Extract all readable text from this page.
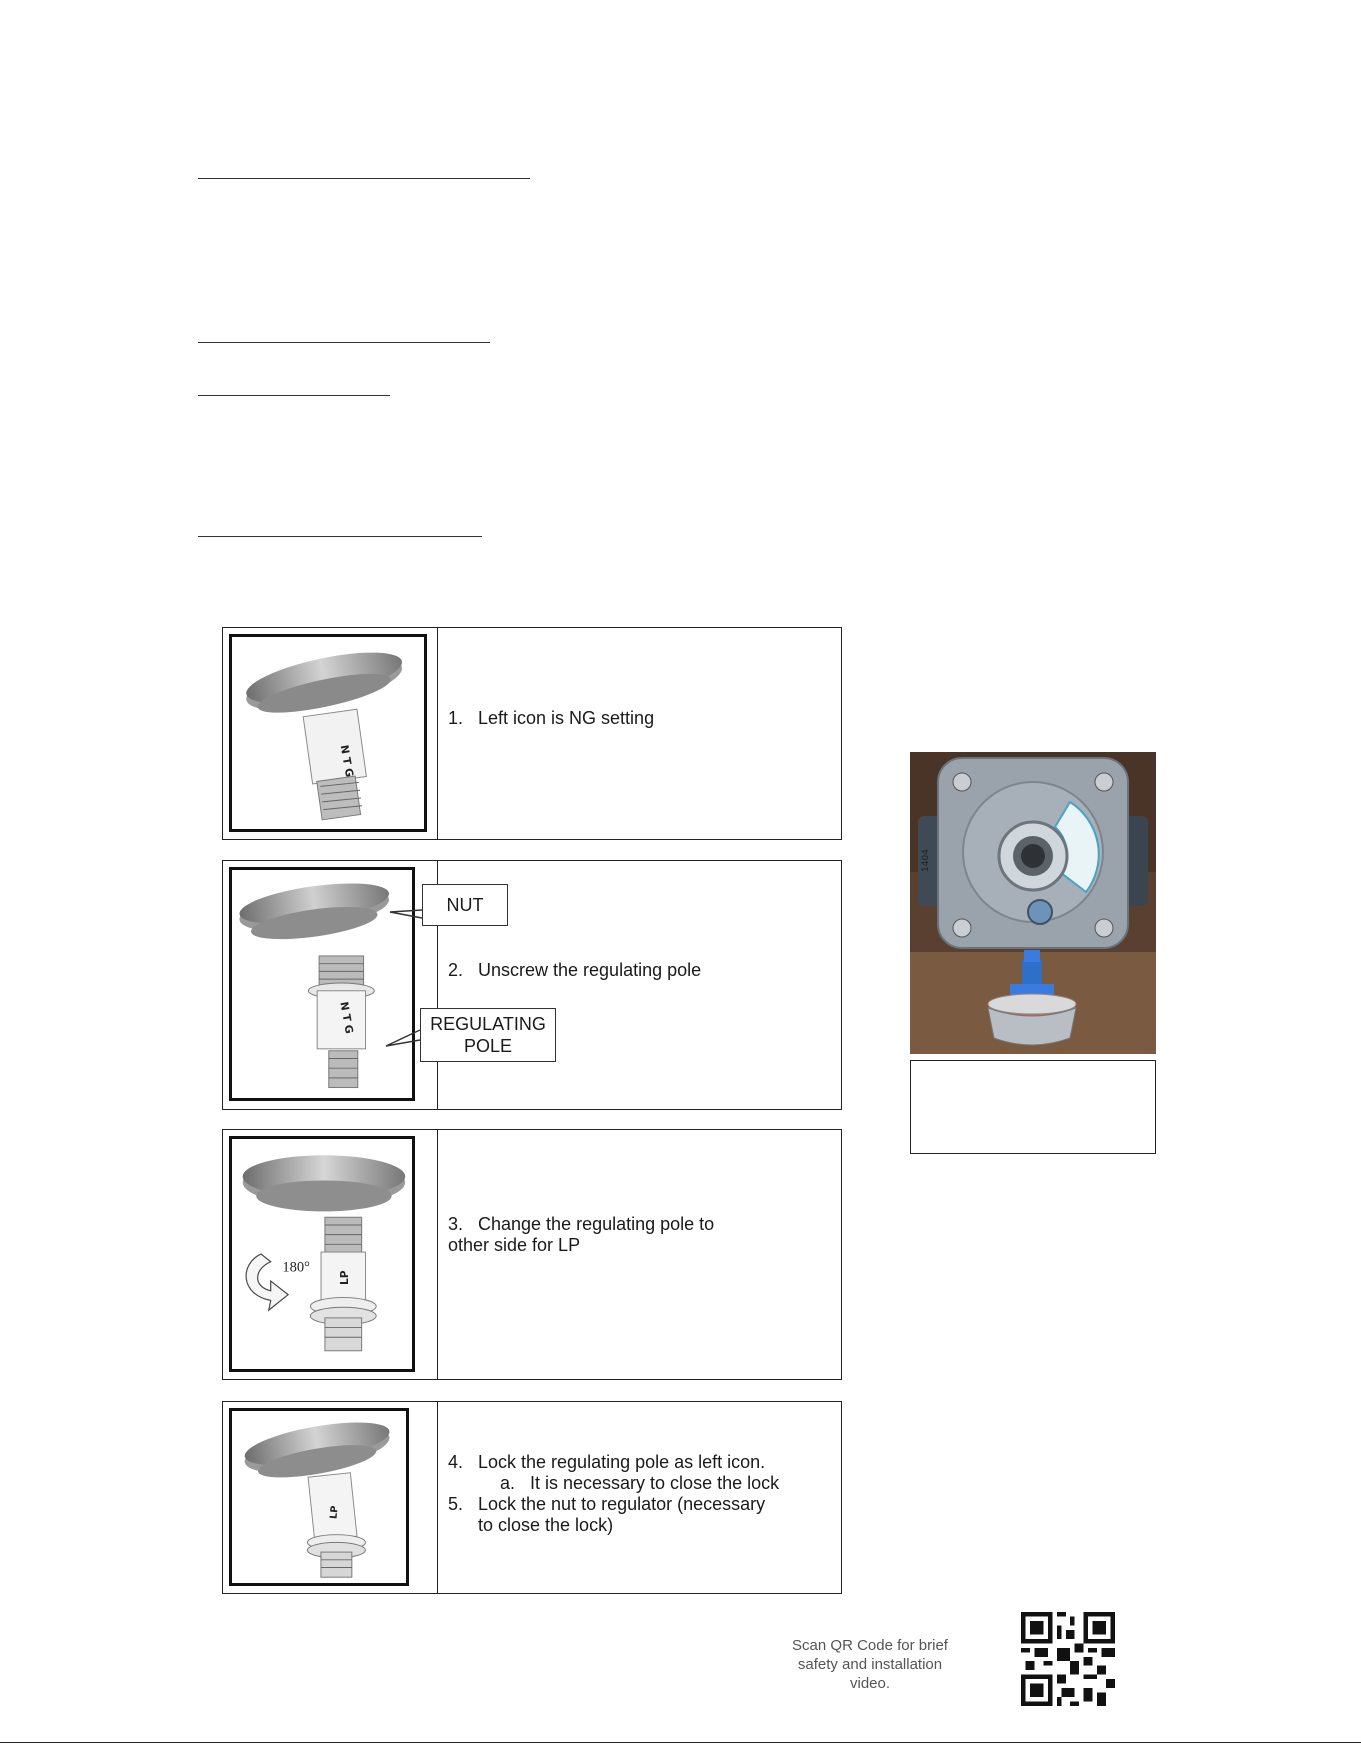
N T G
1. Left icon is NG setting
N T G
2. Unscrew the regulating pole
NUT
REGULATING
POLE
LP
180°
3. Change the regulating pole to
other side for LP
LP
4. Lock the regulating pole as left icon.
a. It is necessary to close the lock
5. Lock the nut to regulator (necessary
to close the lock)
1404
Scan QR Code for brief
safety and installation
video.
